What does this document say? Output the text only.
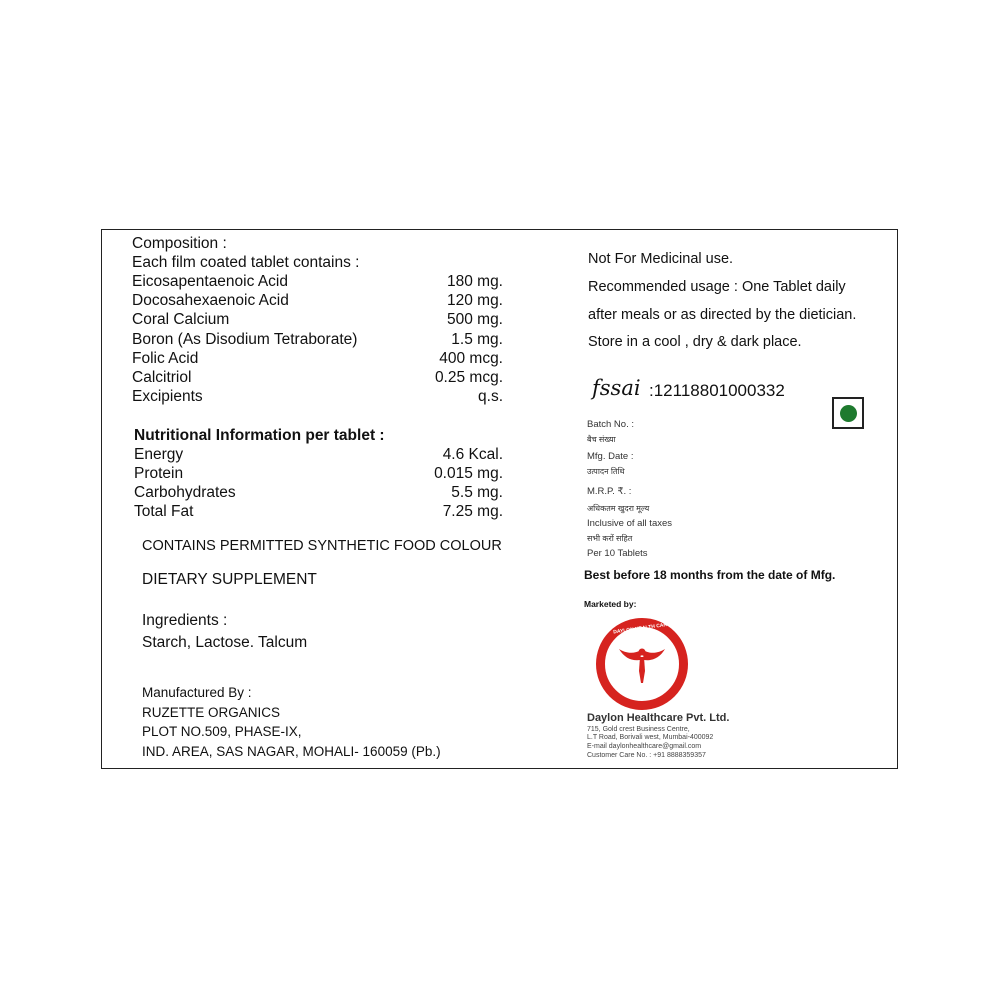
Composition :
Each film coated tablet contains :
Eicosapentaenoic Acid	180 mg.
Docosahexaenoic Acid	120 mg.
Coral Calcium	500 mg.
Boron (As Disodium Tetraborate)	1.5 mg.
Folic Acid	400 mcg.
Calcitriol	0.25 mcg.
Excipients	q.s.
Nutritional Information per tablet :
Energy	4.6 Kcal.
Protein	0.015 mg.
Carbohydrates	5.5 mg.
Total Fat	7.25 mg.
CONTAINS PERMITTED SYNTHETIC FOOD COLOUR
DIETARY SUPPLEMENT
Ingredients :
Starch, Lactose. Talcum
Manufactured By :
RUZETTE ORGANICS
PLOT NO.509, PHASE-IX,
IND. AREA, SAS NAGAR, MOHALI- 160059 (Pb.)
Not For Medicinal use.
Recommended usage : One Tablet daily
after meals or as directed by the dietician.
Store in a cool , dry & dark place.
fssai :12118801000332
Batch No. :
बैच संख्या
Mfg. Date :
उत्पादन तिथि
M.R.P. ₹. :
अधिकतम खुदरा मूल्य
Inclusive of all taxes
सभी करों सहित
Per 10 Tablets
Best before 18 months from the date of Mfg.
Marketed by:
DAYLON HEALTH CARE PVT LTD
Daylon Healthcare Pvt. Ltd.
715, Gold crest Business Centre,
L.T Road, Borivali west, Mumbai-400092
E-mail daylonhealthcare@gmail.com
Customer Care No. : +91 8888359357
